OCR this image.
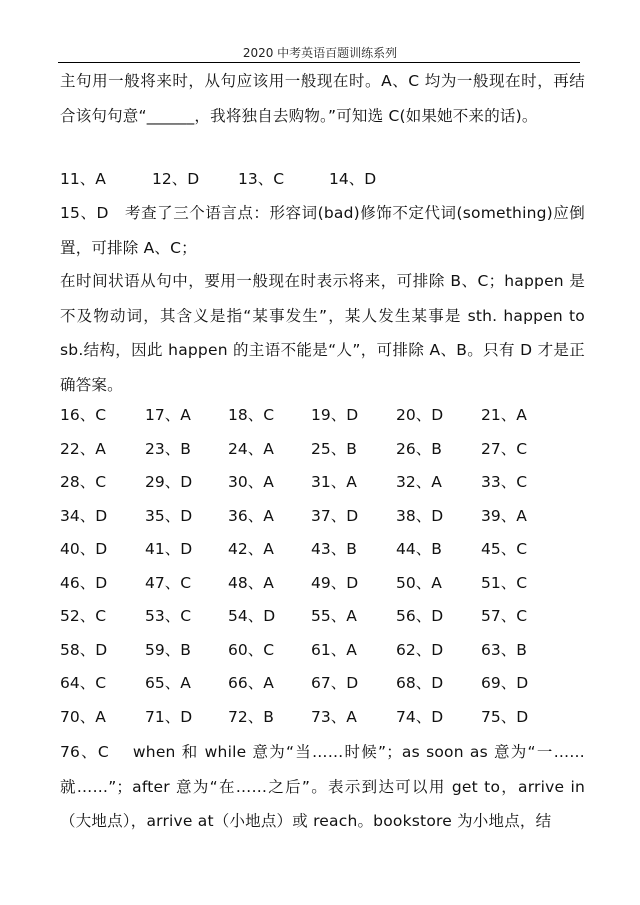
2020 中考英语百题训练系列
主句用一般将来时，从句应该用一般现在时。A、C 均为一般现在时，再结合该句句意“______，我将独自去购物。”可知选 C(如果她不来的话)。
11、A	12、D	13、C	14、D
15、D　考查了三个语言点：形容词(bad)修饰不定代词(something)应倒置，可排除 A、C；
在时间状语从句中，要用一般现在时表示将来，可排除 B、C；happen 是不及物动词，其含义是指“某事发生”，某人发生某事是 sth. happen to sb.结构，因此 happen 的主语不能是“人”，可排除 A、B。只有 D 才是正确答案。
16、C	17、A 18、C 19、D 20、D 21、A
22、A	23、B 24、A 25、B	26、B	27、C
28、C	29、D 30、A 31、A	32、A	33、C
34、D 35、D 36、A 37、D 38、D 39、A
40、D 41、D 42、A 43、B	44、B	45、C
46、D 47、C 48、A 49、D 50、A	51、C
52、C	53、C 54、D 55、A	56、D 57、C
58、D 59、B 60、C 61、A	62、D 63、B
64、C	65、A 66、A 67、D 68、D 69、D
70、A	71、D 72、B 73、A	74、D 75、D
76、C　 when 和 while 意为“当……时候”；as soon as 意为“一……就……”；after 意为“在……之后”。表示到达可以用 get to，arrive in（大地点），arrive at（小地点）或 reach。bookstore 为小地点，结
